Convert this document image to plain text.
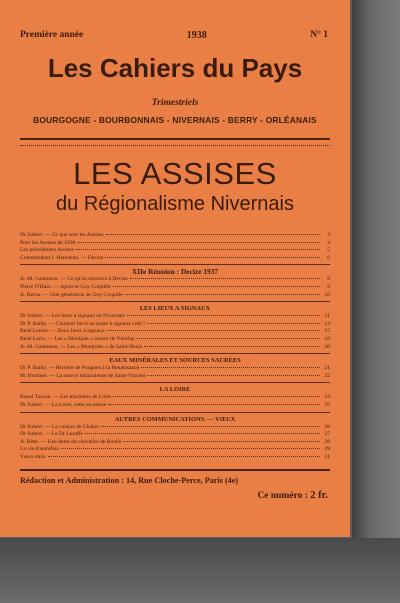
Première année	1938	N° 1
Les Cahiers du Pays
Trimestriels
BOURGOGNE - BOURBONNAIS - NIVERNAIS - BERRY - ORLÉANAIS
LES ASSISES
du Régionalisme Nivernais
Dr Subert. — Ce que sont les Assises	3
Pour les Assises de 1938	4
Les précédentes Assises	5
Commandant J. Hanoteau. — Decize	6
XIIe Réunion : Decize 1937
A.-M. Gastineau. — Ce qu'on retrouve à Decize	8
Pierre O'Hara. — Après et Guy Coquille	9
A. Berna. — Une génération de Guy Coquille	10
LES LIEUX A SIGNAUX
Dr Subert. — Les lieux à signaux en Nivernais	11
Dr P. Bailly. — Clamour fut-il un poste à signaux créé ?	14
René Lenoir. — Deux lieux à signaux	15
René Loris. — Les « Montjoie » autour de Vézelay	16
A.-M. Gastineau. — Les « Montjoies » de Saint-Denis	20
EAUX MINÉRALES ET SOURCES SACRÉES
Dr P. Bailly. — Histoire de Pougues à la Renaissance	21
M. Hurmier. — La source miraculeuse de Saint-Vincent	22
LA LOIRE
Raoul Toscan. — Les mariniers de Loire	24
Dr Subert. — La Loire, cette inconnue	25
AUTRES COMMUNICATIONS. — VŒUX
Dr Subert. — La cuisine de Chalon	26
Dr Subert. — Le Dr Lesaffe	27
A. Bitte. — Une lettre du chevalier de Bonlis	28
La vie d'autrefois	29
Vœux émis	31
Rédaction et Administration : 14, Rue Cloche-Perce, Paris (4e)
Ce numéro : 2 fr.
